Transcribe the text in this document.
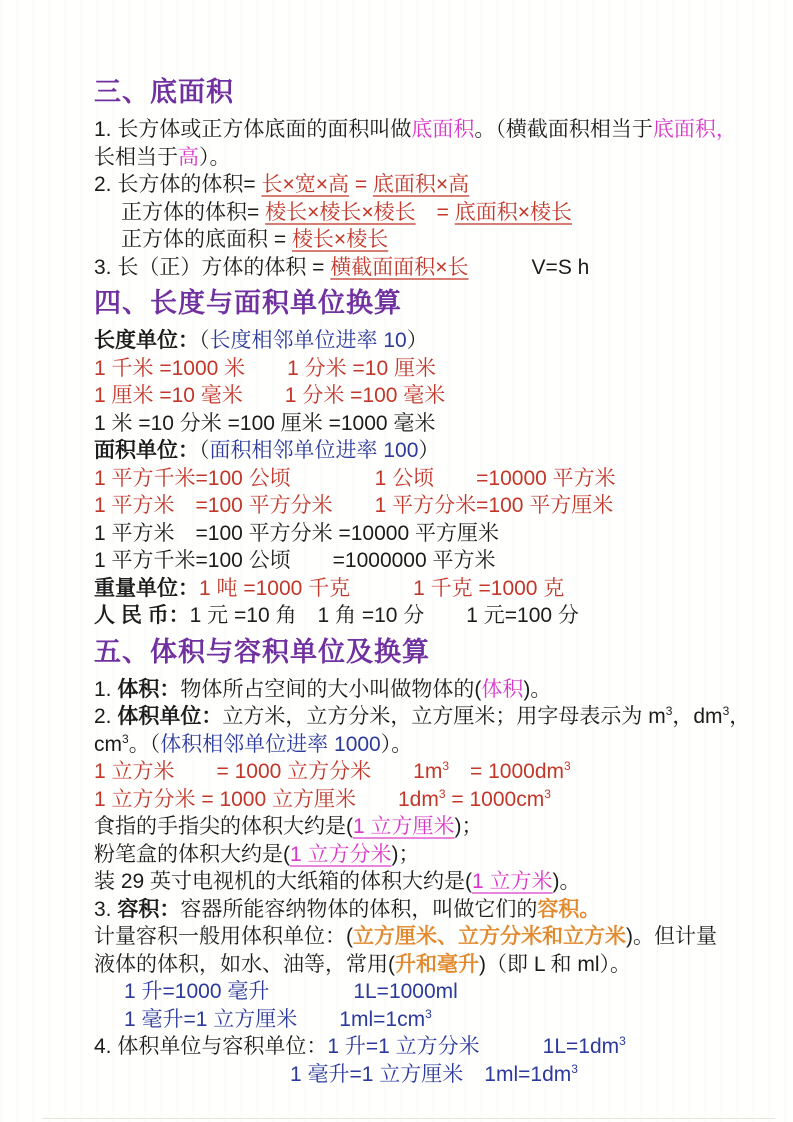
三、底面积
1. 长方体或正方体底面的面积叫做底面积。（横截面积相当于底面积，
长相当于高）。
2. 长方体的体积= 长×宽×高 = 底面积×高
正方体的体积= 棱长×棱长×棱长　= 底面积×棱长
正方体的底面积 = 棱长×棱长
3. 长（正）方体的体积 = 横截面面积×长　　　V=S h
四、长度与面积单位换算
长度单位：（长度相邻单位进率 10）
1 千米 =1000 米　　1 分米 =10 厘米
1 厘米 =10 毫米　　1 分米 =100 毫米
1 米 =10 分米 =100 厘米 =1000 毫米
面积单位：（面积相邻单位进率 100）
1 平方千米=100 公顷　　　　1 公顷　　=10000 平方米
1 平方米　=100 平方分米　　1 平方分米=100 平方厘米
1 平方米　=100 平方分米 =10000 平方厘米
1 平方千米=100 公顷　　=1000000 平方米
重量单位：1 吨 =1000 千克　　　1 千克 =1000 克
人 民 币：1 元 =10 角　1 角 =10 分　　1 元=100 分
五、体积与容积单位及换算
1. 体积：物体所占空间的大小叫做物体的(体积)。
2. 体积单位：立方米，立方分米，立方厘米；用字母表示为 $m^3$，$dm^3$，
$cm^3$。（体积相邻单位进率 1000）。
1 立方米　　= 1000 立方分米　　$1m^3$　= $1000dm^3$
1 立方分米 = 1000 立方厘米　　$1dm^3 = 1000cm^3$
食指的手指尖的体积大约是(1 立方厘米)；
粉笔盒的体积大约是(1 立方分米)；
装 29 英寸电视机的大纸箱的体积大约是(1 立方米)。
3. 容积：容器所能容纳物体的体积，叫做它们的容积。
计量容积一般用体积单位：(立方厘米、立方分米和立方米)。但计量
液体的体积，如水、油等，常用(升和毫升)（即 L 和 ml）。
1 升=1000 毫升　　　　1L=1000ml
1 毫升=1 立方厘米　　$1ml=1cm^3$
4. 体积单位与容积单位：1 升=1 立方分米　　　$1L=1dm^3$
1 毫升=1 立方厘米　$1ml=1dm^3$
